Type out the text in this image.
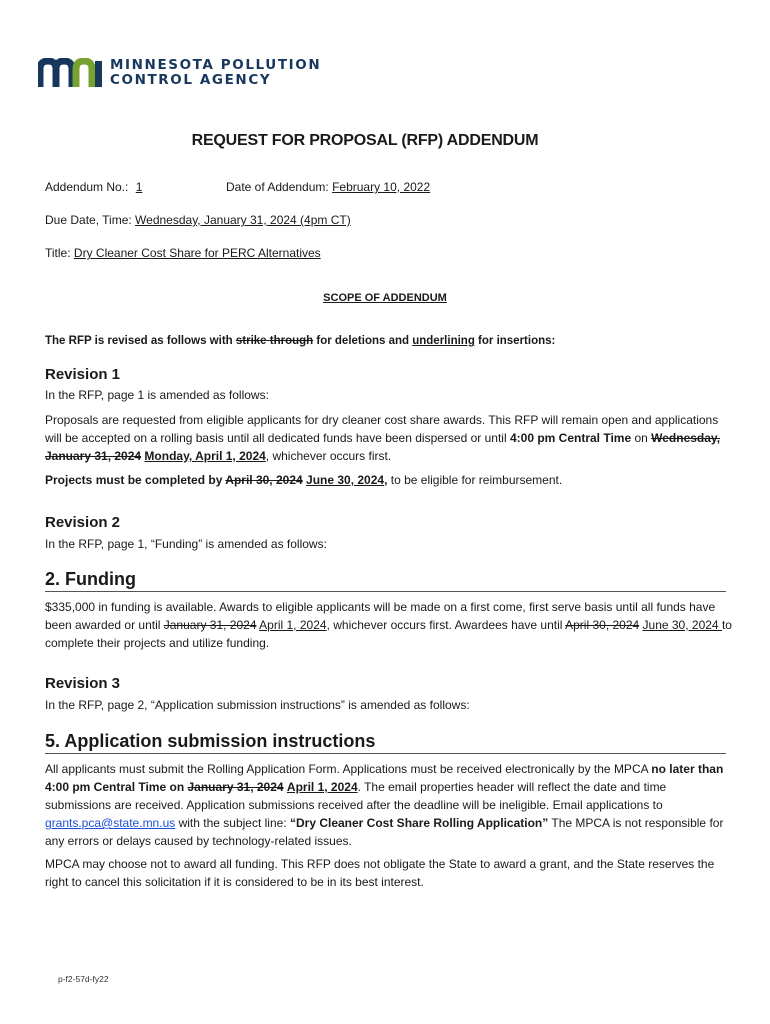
MINNESOTA POLLUTION
CONTROL AGENCY
REQUEST FOR PROPOSAL (RFP) ADDENDUM
Addendum No.: 1	Date of Addendum: February 10, 2022
Due Date, Time: Wednesday, January 31, 2024 (4pm CT)
Title: Dry Cleaner Cost Share for PERC Alternatives
SCOPE OF ADDENDUM
The RFP is revised as follows with strike through for deletions and underlining for insertions:
Revision 1
In the RFP, page 1 is amended as follows:
Proposals are requested from eligible applicants for dry cleaner cost share awards. This RFP will remain open and applications will be accepted on a rolling basis until all dedicated funds have been dispersed or until 4:00 pm Central Time on Wednesday, January 31, 2024 Monday, April 1, 2024, whichever occurs first.
Projects must be completed by April 30, 2024 June 30, 2024, to be eligible for reimbursement.
Revision 2
In the RFP, page 1, “Funding” is amended as follows:
2. Funding
$335,000 in funding is available. Awards to eligible applicants will be made on a first come, first serve basis until all funds have been awarded or until January 31, 2024 April 1, 2024, whichever occurs first. Awardees have until April 30, 2024 June 30, 2024 to complete their projects and utilize funding.
Revision 3
In the RFP, page 2, “Application submission instructions” is amended as follows:
5. Application submission instructions
All applicants must submit the Rolling Application Form. Applications must be received electronically by the MPCA no later than 4:00 pm Central Time on January 31, 2024 April 1, 2024. The email properties header will reflect the date and time submissions are received. Application submissions received after the deadline will be ineligible. Email applications to grants.pca@state.mn.us with the subject line: “Dry Cleaner Cost Share Rolling Application” The MPCA is not responsible for any errors or delays caused by technology-related issues.
MPCA may choose not to award all funding. This RFP does not obligate the State to award a grant, and the State reserves the right to cancel this solicitation if it is considered to be in its best interest.
p-f2-57d-fy22
